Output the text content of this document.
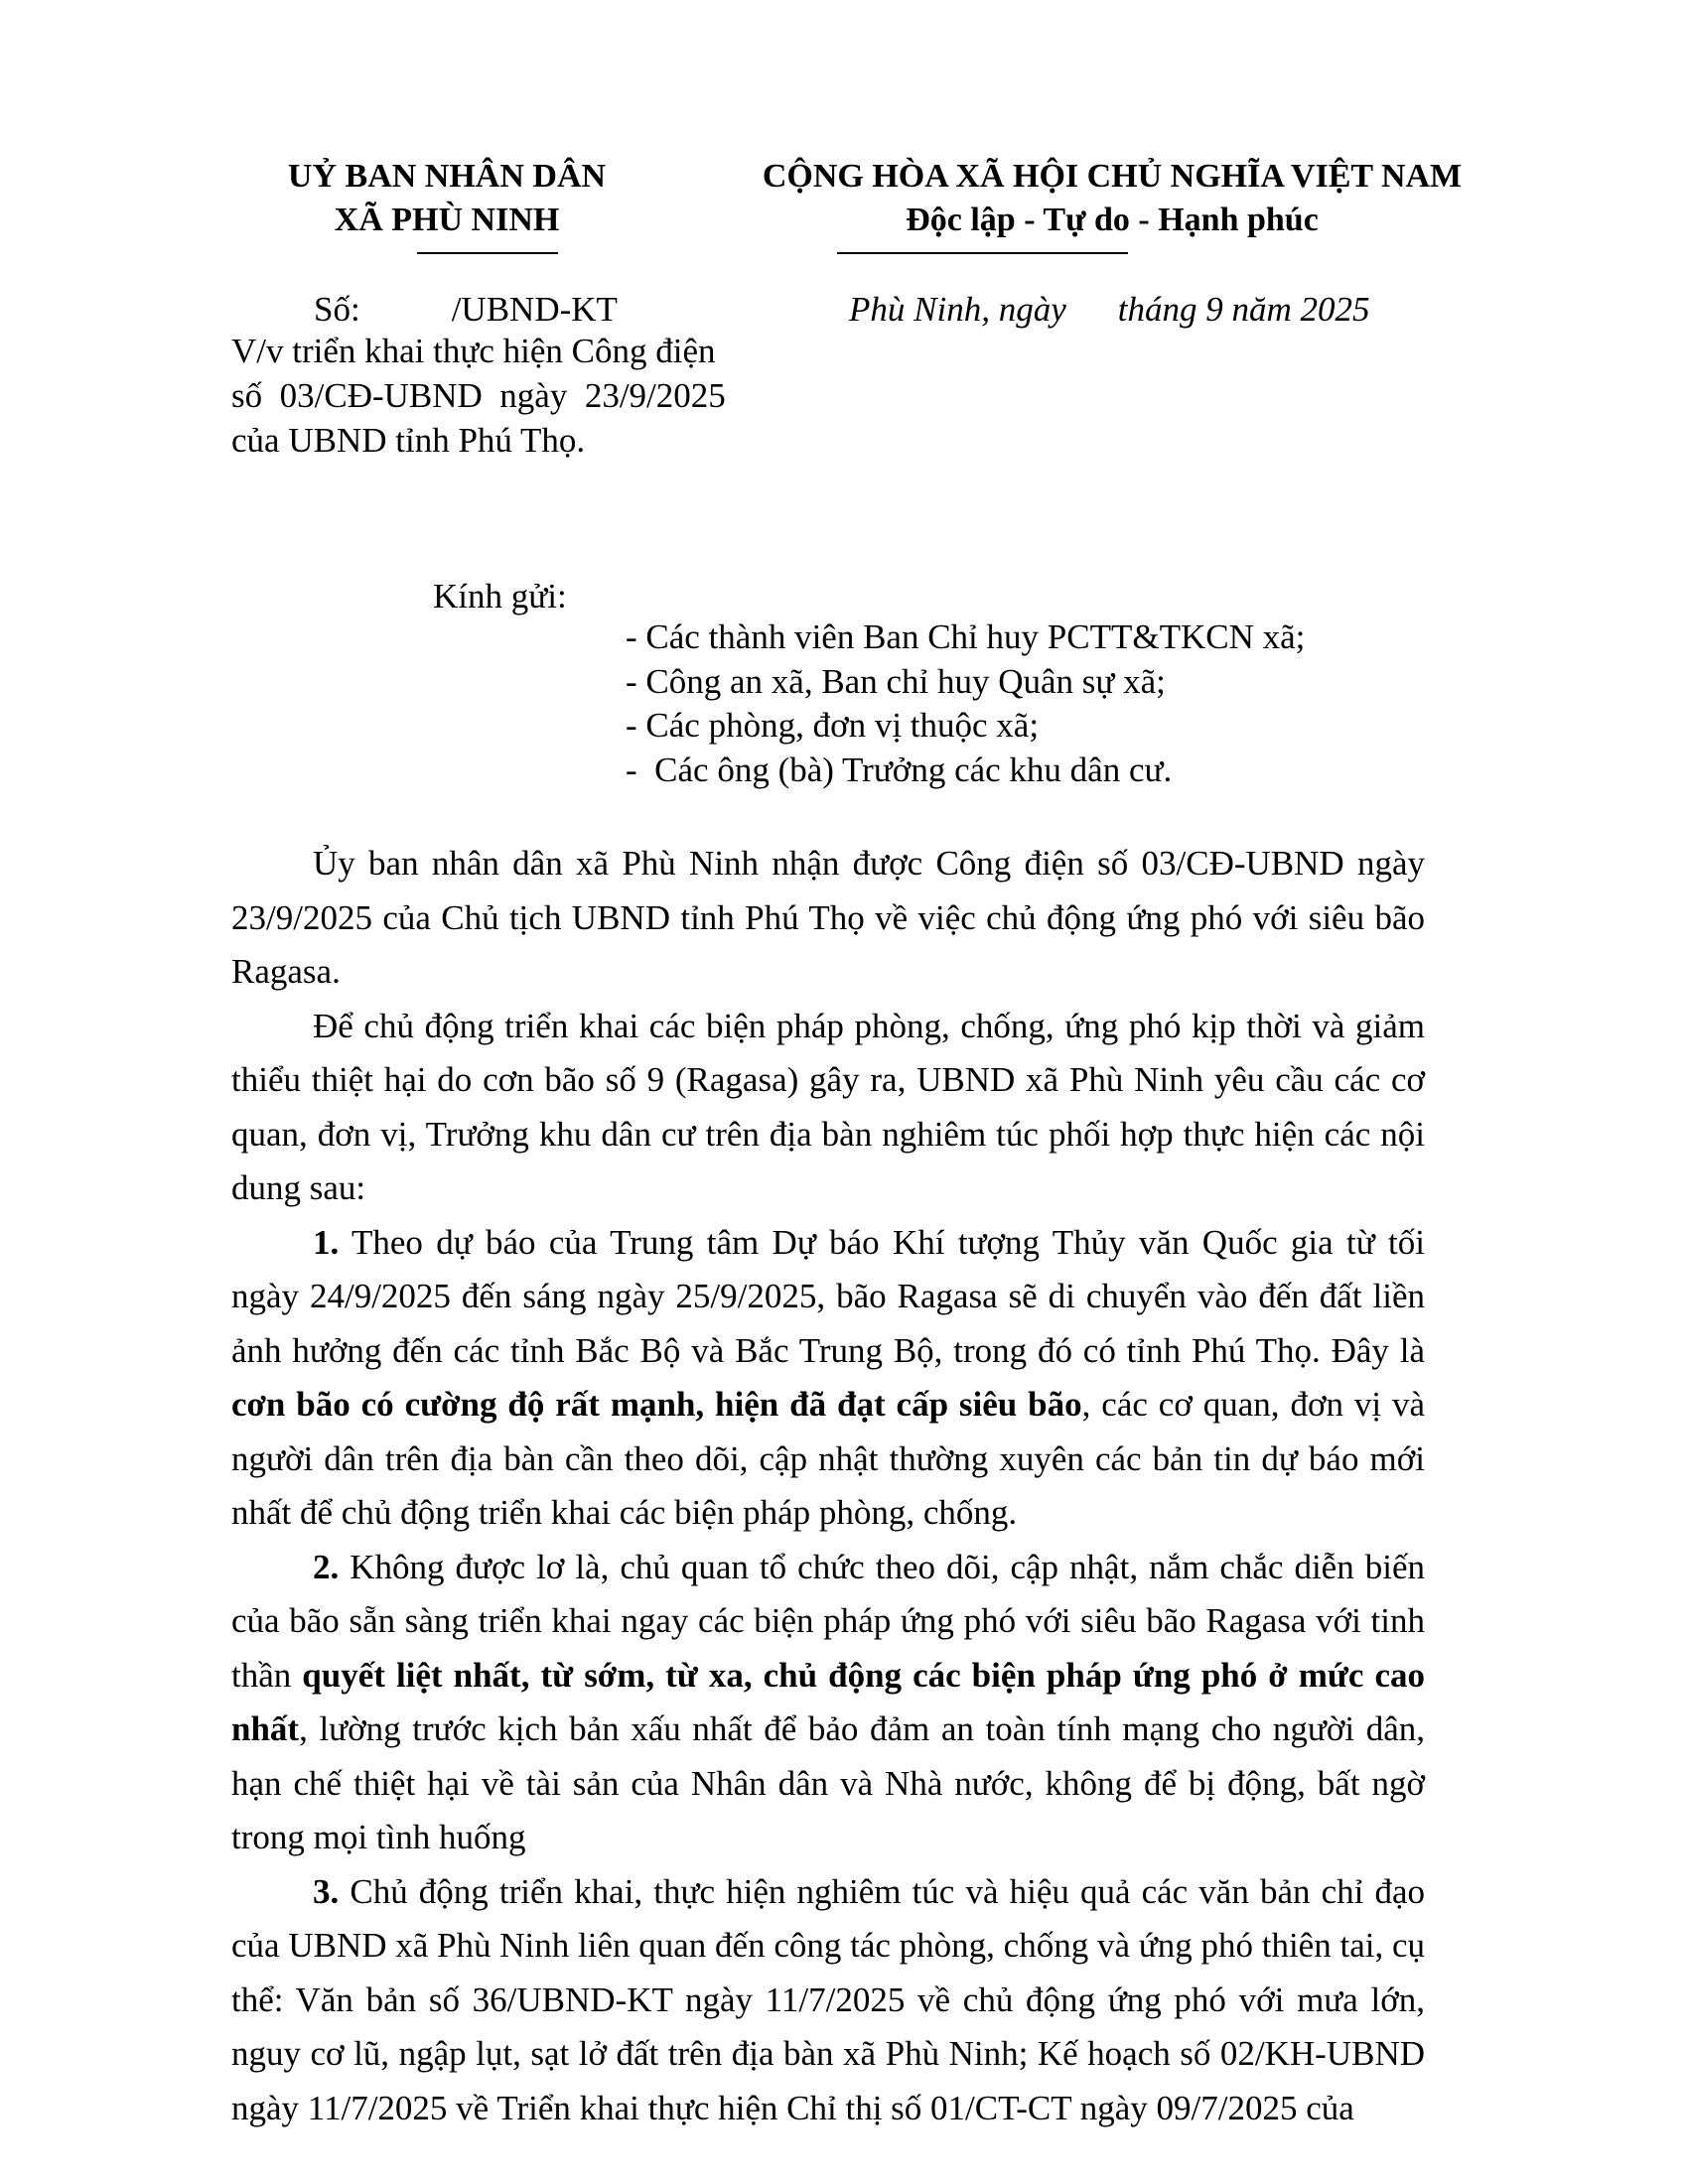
UỶ BAN NHÂN DÂN
XÃ PHÙ NINH
CỘNG HÒA XÃ HỘI CHỦ NGHĨA VIỆT NAM
Độc lập - Tự do - Hạnh phúc
Số:	/UBND-KT	Phù Ninh, ngày tháng 9 năm 2025
V/v triển khai thực hiện Công điện
số  03/CĐ-UBND  ngày  23/9/2025
của UBND tỉnh Phú Thọ.
Kính gửi:
- Các thành viên Ban Chỉ huy PCTT&TKCN xã;
- Công an xã, Ban chỉ huy Quân sự xã;
- Các phòng, đơn vị thuộc xã;
-  Các ông (bà) Trưởng các khu dân cư.

Ủy ban nhân dân xã Phù Ninh nhận được Công điện số 03/CĐ-UBND ngày 23/9/2025 của Chủ tịch UBND tỉnh Phú Thọ về việc chủ động ứng phó với siêu bão Ragasa.

Để chủ động triển khai các biện pháp phòng, chống, ứng phó kịp thời và giảm thiểu thiệt hại do cơn bão số 9 (Ragasa) gây ra, UBND xã Phù Ninh yêu cầu các cơ quan, đơn vị, Trưởng khu dân cư trên địa bàn nghiêm túc phối hợp thực hiện các nội dung sau:

1. Theo dự báo của Trung tâm Dự báo Khí tượng Thủy văn Quốc gia từ tối ngày 24/9/2025 đến sáng ngày 25/9/2025, bão Ragasa sẽ di chuyển vào đến đất liền ảnh hưởng đến các tỉnh Bắc Bộ và Bắc Trung Bộ, trong đó có tỉnh Phú Thọ. Đây là cơn bão có cường độ rất mạnh, hiện đã đạt cấp siêu bão, các cơ quan, đơn vị và người dân trên địa bàn cần theo dõi, cập nhật thường xuyên các bản tin dự báo mới nhất để chủ động triển khai các biện pháp phòng, chống.

2. Không được lơ là, chủ quan tổ chức theo dõi, cập nhật, nắm chắc diễn biến của bão sẵn sàng triển khai ngay các biện pháp ứng phó với siêu bão Ragasa với tinh thần quyết liệt nhất, từ sớm, từ xa, chủ động các biện pháp ứng phó ở mức cao nhất, lường trước kịch bản xấu nhất để bảo đảm an toàn tính mạng cho người dân, hạn chế thiệt hại về tài sản của Nhân dân và Nhà nước, không để bị động, bất ngờ trong mọi tình huống

3. Chủ động triển khai, thực hiện nghiêm túc và hiệu quả các văn bản chỉ đạo của UBND xã Phù Ninh liên quan đến công tác phòng, chống và ứng phó thiên tai, cụ thể: Văn bản số 36/UBND-KT ngày 11/7/2025 về chủ động ứng phó với mưa lớn, nguy cơ lũ, ngập lụt, sạt lở đất trên địa bàn xã Phù Ninh; Kế hoạch số 02/KH-UBND ngày 11/7/2025 về Triển khai thực hiện Chỉ thị số 01/CT-CT ngày 09/7/2025 của
